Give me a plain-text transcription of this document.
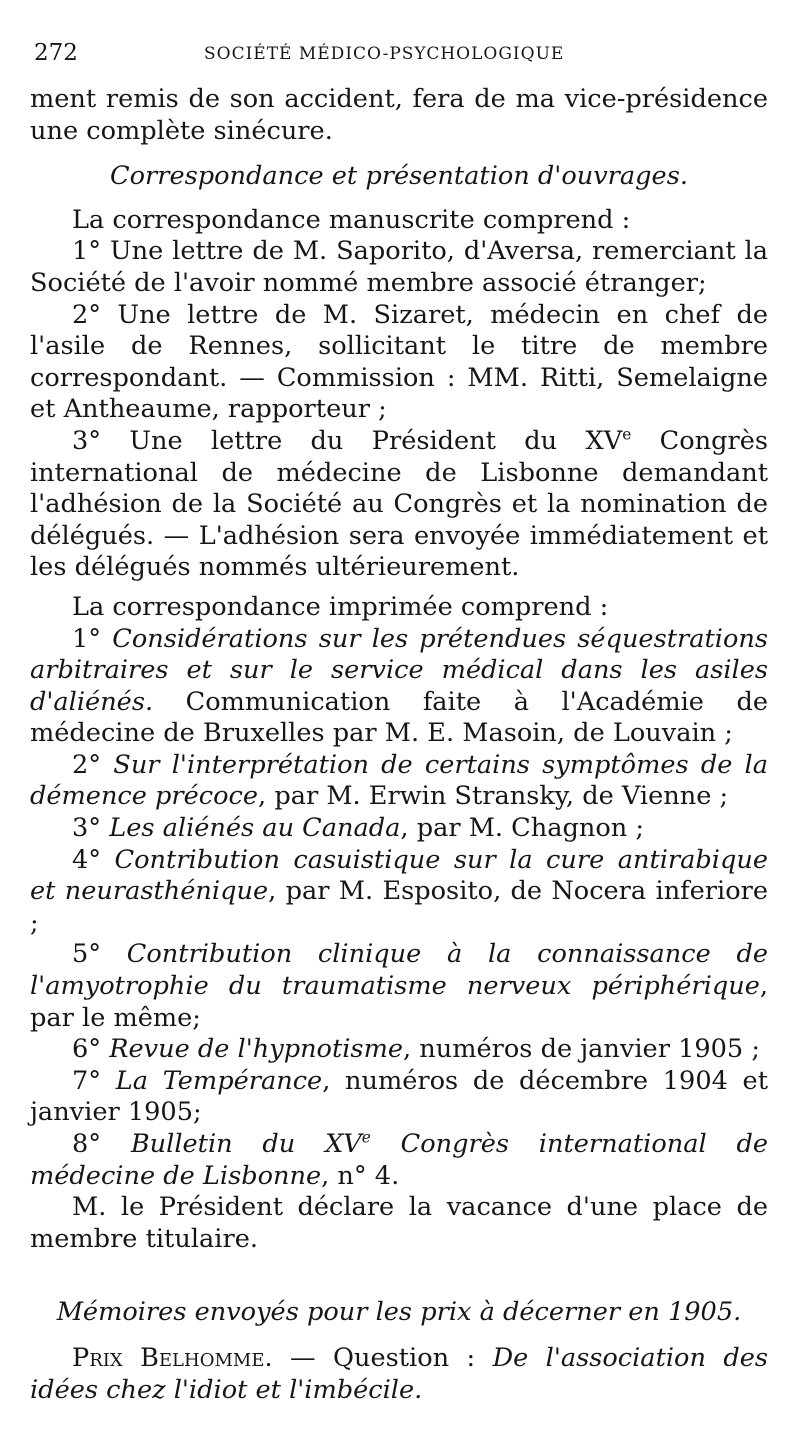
272	SOCIÉTÉ MÉDICO-PSYCHOLOGIQUE

ment remis de son accident, fera de ma vice-présidence une complète sinécure.

Correspondance et présentation d'ouvrages.

La correspondance manuscrite comprend :

1° Une lettre de M. Saporito, d'Aversa, remerciant la Société de l'avoir nommé membre associé étranger;

2° Une lettre de M. Sizaret, médecin en chef de l'asile de Rennes, sollicitant le titre de membre correspondant. — Commission : MM. Ritti, Semelaigne et Antheaume, rapporteur ;

3° Une lettre du Président du XVe Congrès international de médecine de Lisbonne demandant l'adhésion de la Société au Congrès et la nomination de délégués. — L'adhésion sera envoyée immédiatement et les délégués nommés ultérieurement.

La correspondance imprimée comprend :

1° Considérations sur les prétendues séquestrations arbitraires et sur le service médical dans les asiles d'aliénés. Communication faite à l'Académie de médecine de Bruxelles par M. E. Masoin, de Louvain ;

2° Sur l'interprétation de certains symptômes de la démence précoce, par M. Erwin Stransky, de Vienne ;

3° Les aliénés au Canada, par M. Chagnon ;

4° Contribution casuistique sur la cure antirabique et neurasthénique, par M. Esposito, de Nocera inferiore ;

5° Contribution clinique à la connaissance de l'amyotrophie du traumatisme nerveux périphérique, par le même;

6° Revue de l'hypnotisme, numéros de janvier 1905 ;

7° La Tempérance, numéros de décembre 1904 et janvier 1905;

8° Bulletin du XVe Congrès international de médecine de Lisbonne, n° 4.

M. le Président déclare la vacance d'une place de membre titulaire.

Mémoires envoyés pour les prix à décerner en 1905.

Prix Belhomme. — Question : De l'association des idées chez l'idiot et l'imbécile.
